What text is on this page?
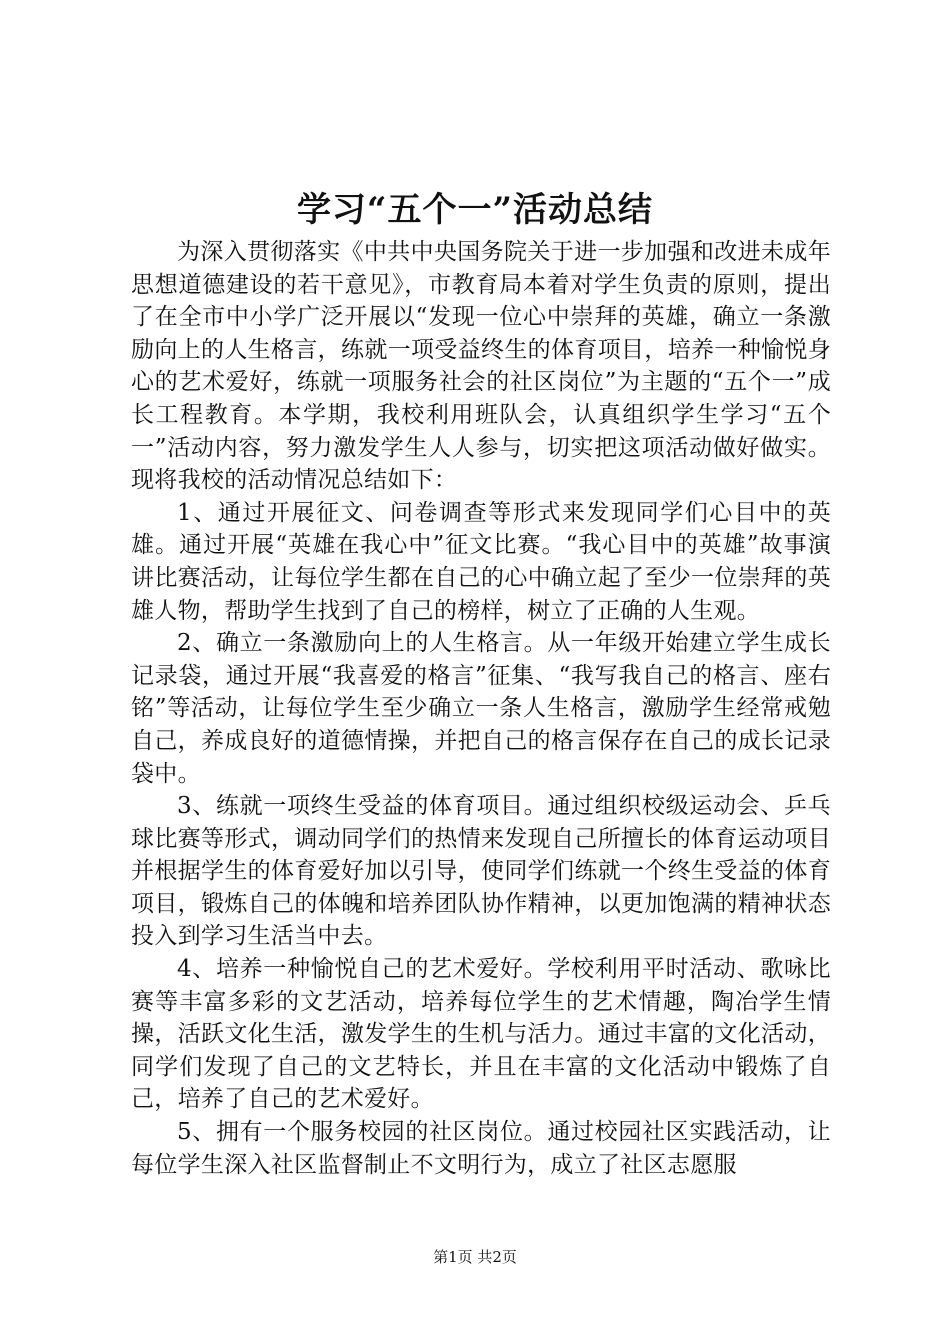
学习“五个一”活动总结

为深入贯彻落实《中共中央国务院关于进一步加强和改进未成年思想道德建设的若干意见》，市教育局本着对学生负责的原则，提出了在全市中小学广泛开展以“发现一位心中崇拜的英雄，确立一条激励向上的人生格言，练就一项受益终生的体育项目，培养一种愉悦身心的艺术爱好，练就一项服务社会的社区岗位”为主题的“五个一”成长工程教育。本学期，我校利用班队会，认真组织学生学习“五个一”活动内容，努力激发学生人人参与，切实把这项活动做好做实。现将我校的活动情况总结如下：

1、通过开展征文、问卷调查等形式来发现同学们心目中的英雄。通过开展“英雄在我心中”征文比赛。“我心目中的英雄”故事演讲比赛活动，让每位学生都在自己的心中确立起了至少一位崇拜的英雄人物，帮助学生找到了自己的榜样，树立了正确的人生观。

2、确立一条激励向上的人生格言。从一年级开始建立学生成长记录袋，通过开展“我喜爱的格言”征集、“我写我自己的格言、座右铭”等活动，让每位学生至少确立一条人生格言，激励学生经常戒勉自己，养成良好的道德情操，并把自己的格言保存在自己的成长记录袋中。

3、练就一项终生受益的体育项目。通过组织校级运动会、乒乓球比赛等形式，调动同学们的热情来发现自己所擅长的体育运动项目并根据学生的体育爱好加以引导，使同学们练就一个终生受益的体育项目，锻炼自己的体魄和培养团队协作精神，以更加饱满的精神状态投入到学习生活当中去。

4、培养一种愉悦自己的艺术爱好。学校利用平时活动、歌咏比赛等丰富多彩的文艺活动，培养每位学生的艺术情趣，陶冶学生情操，活跃文化生活，激发学生的生机与活力。通过丰富的文化活动，同学们发现了自己的文艺特长，并且在丰富的文化活动中锻炼了自己，培养了自己的艺术爱好。

5、拥有一个服务校园的社区岗位。通过校园社区实践活动，让每位学生深入社区监督制止不文明行为，成立了社区志愿服

第1页 共2页
